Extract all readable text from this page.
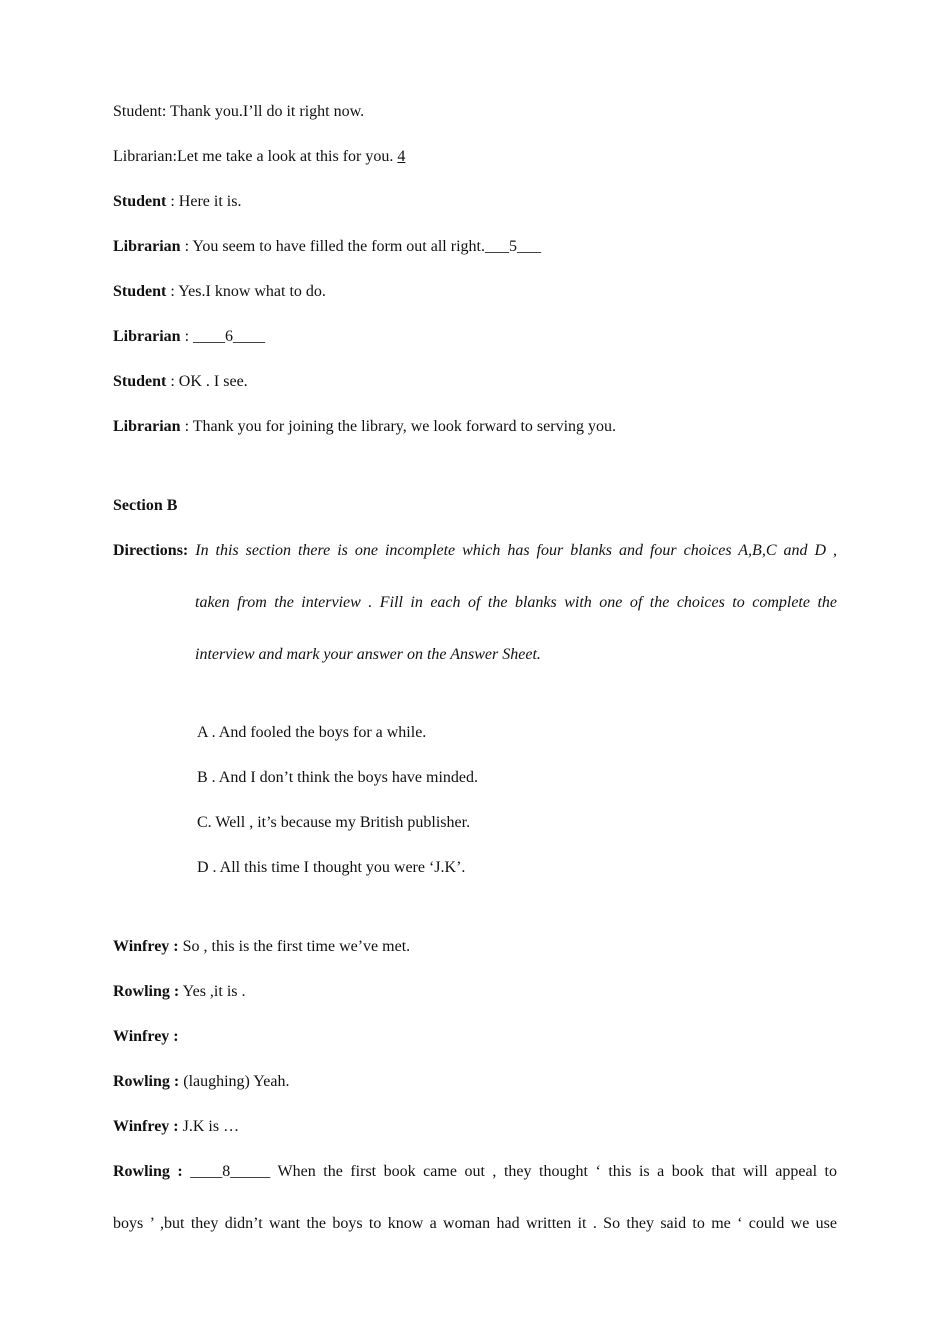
Student: Thank you.I’ll do it right now.
Librarian:Let me take a look at this for you. 4
Student : Here it is.
Librarian : You seem to have filled the form out all right.___5___
Student : Yes.I know what to do.
Librarian : ____6____
Student : OK . I see.
Librarian : Thank you for joining the library, we look forward to serving you.
Section B
Directions: In this section there is one incomplete which has four blanks and four choices A,B,C and D ,
taken from the interview . Fill in each of the blanks with one of the choices to complete the
interview and mark your answer on the Answer Sheet.
A . And fooled the boys for a while.
B . And I don’t think the boys have minded.
C. Well , it’s because my British publisher.
D . All this time I thought you were ‘J.K’.
Winfrey : So , this is the first time we’ve met.
Rowling : Yes ,it is .
Winfrey :
Rowling : (laughing) Yeah.
Winfrey : J.K is …
Rowling : ____8_____ When the first book came out , they thought ‘ this is a book that will appeal to
boys ’ ,but they didn’t want the boys to know a woman had written it . So they said to me ‘ could we use
